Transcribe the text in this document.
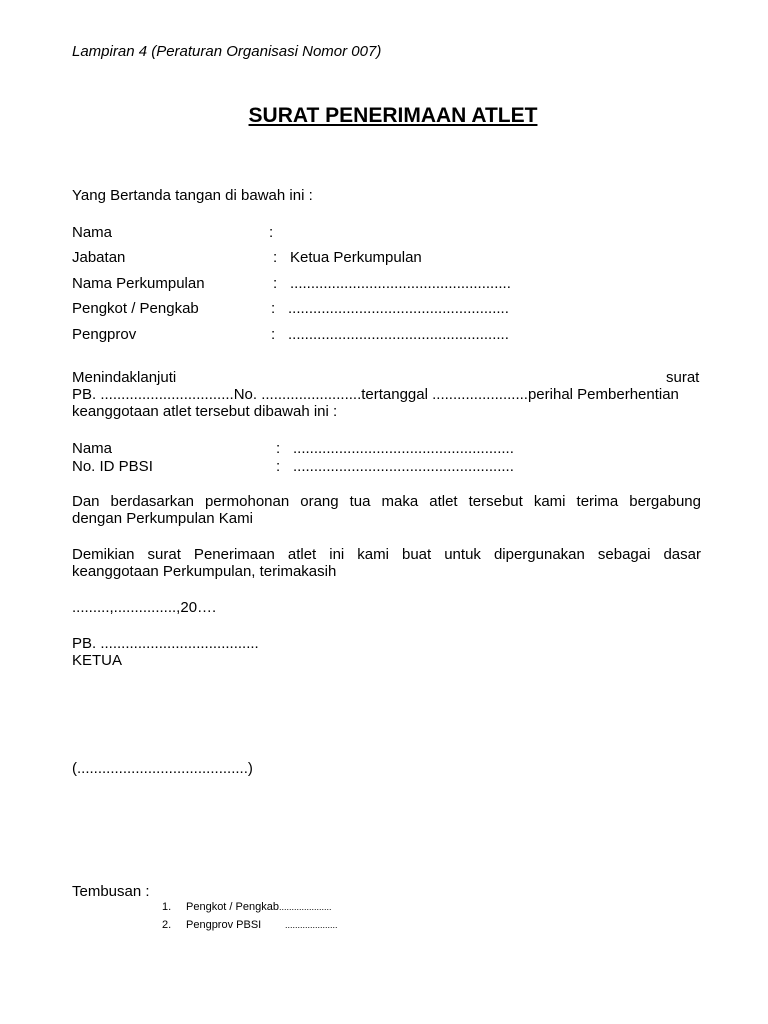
Lampiran 4 (Peraturan Organisasi Nomor 007)
SURAT PENERIMAAN ATLET
Yang Bertanda tangan di bawah ini :
Nama	:
Jabatan	: Ketua Perkumpulan
Nama Perkumpulan	: .....................................................
Pengkot / Pengkab	: .....................................................
Pengprov	: .....................................................
Menindaklanjuti	surat
PB. ................................No. ........................tertanggal .......................perihal Pemberhentian
keanggotaan atlet tersebut dibawah ini :
Nama	: .....................................................
No. ID PBSI	: .....................................................
Dan berdasarkan permohonan orang tua maka atlet tersebut kami terima bergabung
dengan Perkumpulan Kami
Demikian surat Penerimaan atlet ini kami buat untuk dipergunakan sebagai dasar
keanggotaan Perkumpulan, terimakasih
.........,...............,20….
PB. ......................................
KETUA
(.........................................)
Tembusan :
1. Pengkot / Pengkab.....................
2. Pengprov PBSI	.....................
